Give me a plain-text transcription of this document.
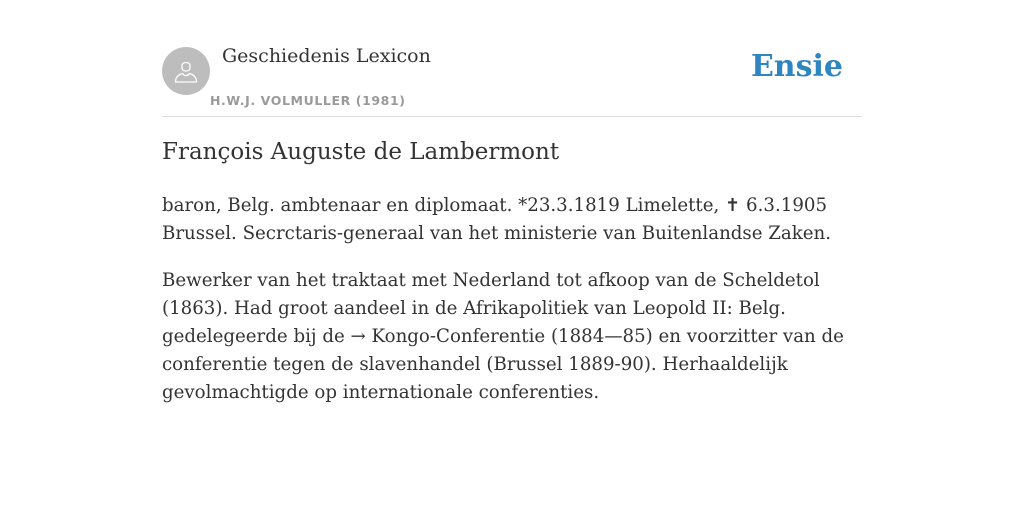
Geschiedenis Lexicon
H.W.J. VOLMULLER (1981)
Ensie
François Auguste de Lambermont

baron, Belg. ambtenaar en diplomaat. *23.3.1819 Limelette, ✝ 6.3.1905 Brussel. Secrctaris-generaal van het ministerie van Buitenlandse Zaken.

Bewerker van het traktaat met Nederland tot afkoop van de Scheldetol (1863). Had groot aandeel in de Afrikapolitiek van Leopold II: Belg. gedelegeerde bij de → Kongo-Conferentie (1884—85) en voorzitter van de conferentie tegen de slavenhandel (Brussel 1889-90). Herhaaldelijk gevolmachtigde op internationale conferenties.
